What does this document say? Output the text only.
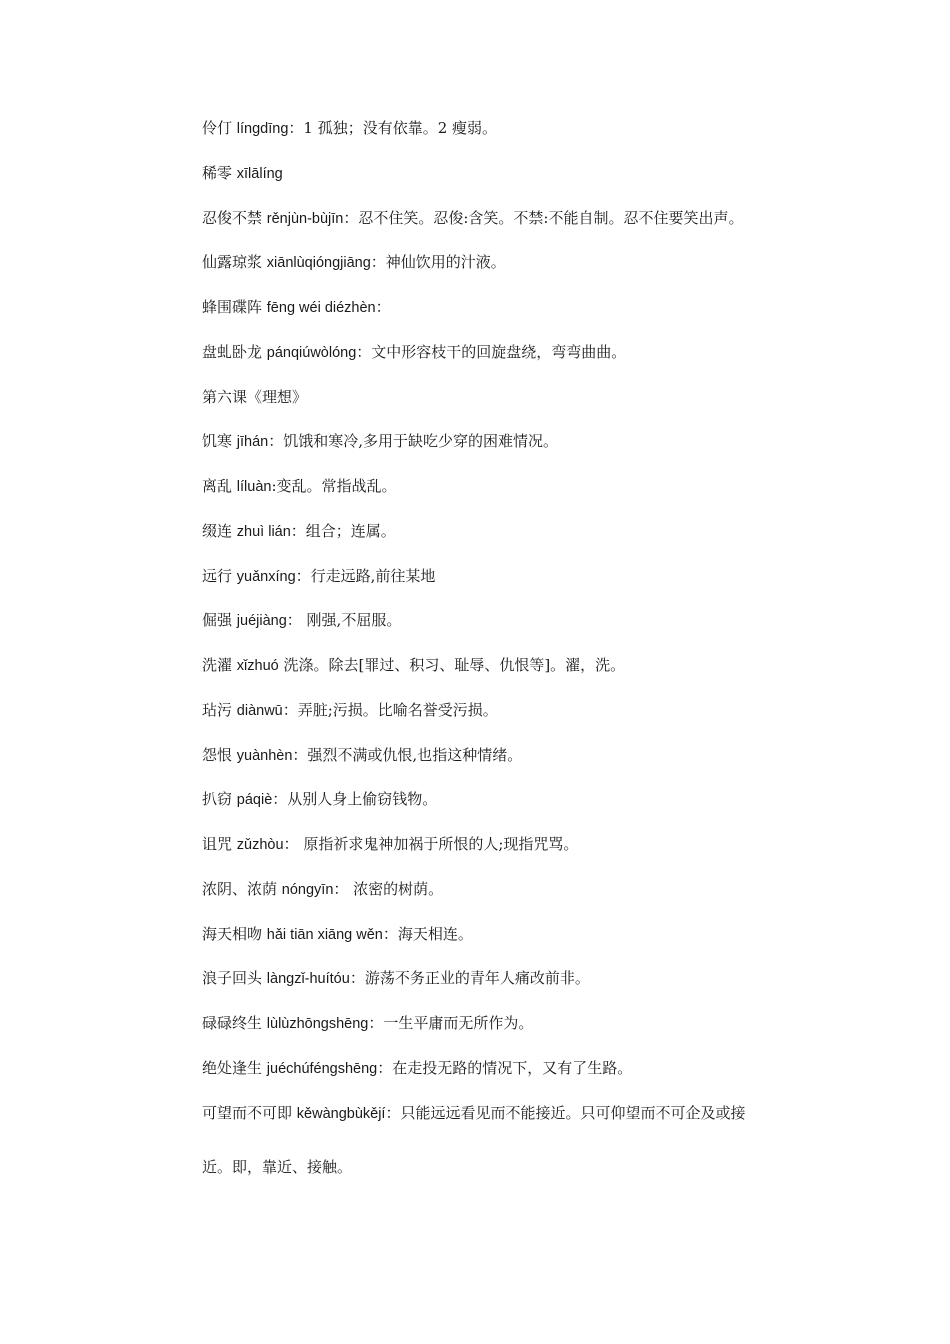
伶仃 língdīng：1 孤独；没有依靠。2 瘦弱。
稀零 xīlālíng
忍俊不禁 rěnjùn-bùjīn：忍不住笑。忍俊:含笑。不禁:不能自制。忍不住要笑出声。
仙露琼浆 xiānlùqióngjiāng：神仙饮用的汁液。
蜂围碟阵 fēng wéi diézhèn：
盘虬卧龙 pánqiúwòlóng：文中形容枝干的回旋盘绕，弯弯曲曲。
第六课《理想》
饥寒 jīhán：饥饿和寒冷,多用于缺吃少穿的困难情况。
离乱 líluàn:变乱。常指战乱。
缀连 zhuì lián：组合；连属。
远行 yuǎnxíng：行走远路,前往某地
倔强 juéjiàng： 刚强,不屈服。
洗濯 xǐzhuó 洗涤。除去[罪过、积习、耻辱、仇恨等]。濯，洗。
玷污 diànwū：弄脏;污损。比喻名誉受污损。
怨恨 yuànhèn：强烈不满或仇恨,也指这种情绪。
扒窃 páqiè：从别人身上偷窃钱物。
诅咒 zǔzhòu： 原指祈求鬼神加祸于所恨的人;现指咒骂。
浓阴、浓荫 nóngyīn： 浓密的树荫。
海天相吻 hǎi tiān xiāng wěn：海天相连。
浪子回头 làngzǐ-huítóu：游荡不务正业的青年人痛改前非。
碌碌终生 lùlùzhōngshēng：一生平庸而无所作为。
绝处逢生 juéchúféngshēng：在走投无路的情况下，又有了生路。
可望而不可即 kěwàngbùkějí：只能远远看见而不能接近。只可仰望而不可企及或接
近。即，靠近、接触。
